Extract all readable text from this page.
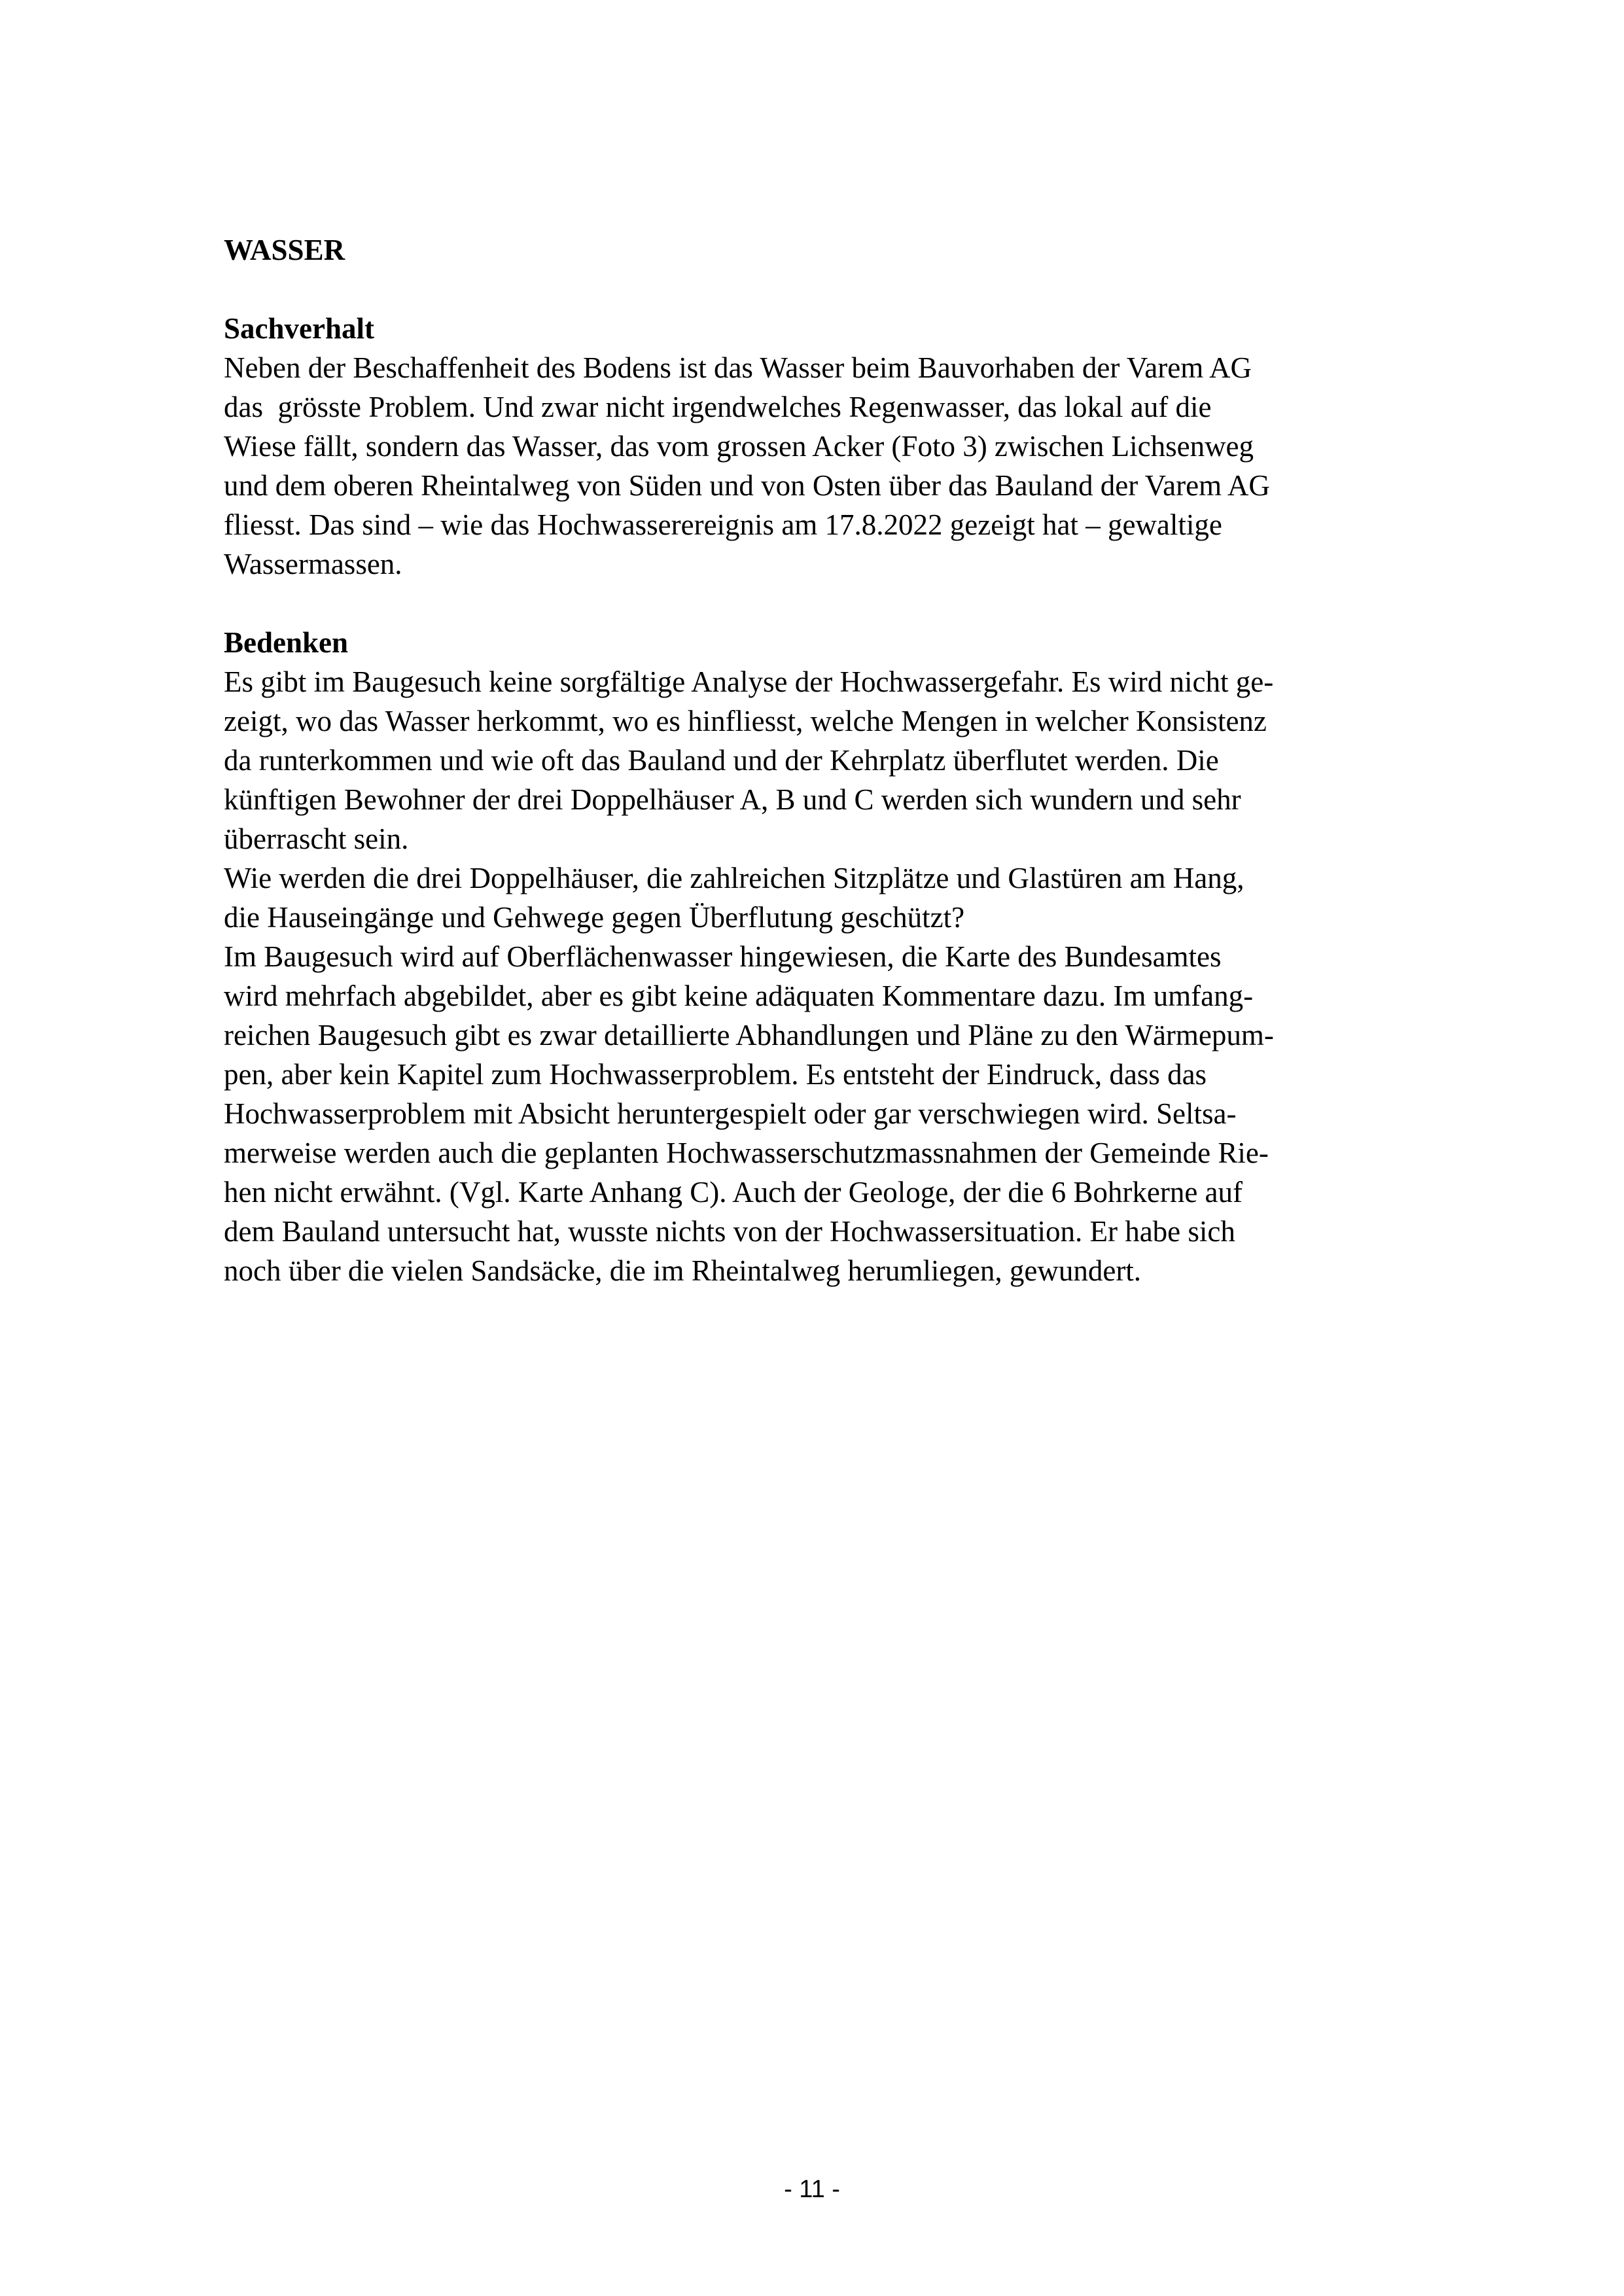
WASSER
Sachverhalt

Neben der Beschaffenheit des Bodens ist das Wasser beim Bauvorhaben der Varem AG

das  grösste Problem. Und zwar nicht irgendwelches Regenwasser, das lokal auf die

Wiese fällt, sondern das Wasser, das vom grossen Acker (Foto 3) zwischen Lichsenweg

und dem oberen Rheintalweg von Süden und von Osten über das Bauland der Varem AG

fliesst. Das sind – wie das Hochwasserereignis am 17.8.2022 gezeigt hat – gewaltige

Wassermassen.

Bedenken

Es gibt im Baugesuch keine sorgfältige Analyse der Hochwassergefahr. Es wird nicht ge-

zeigt, wo das Wasser herkommt, wo es hinfliesst, welche Mengen in welcher Konsistenz

da runterkommen und wie oft das Bauland und der Kehrplatz überflutet werden. Die

künftigen Bewohner der drei Doppelhäuser A, B und C werden sich wundern und sehr

überrascht sein.

Wie werden die drei Doppelhäuser, die zahlreichen Sitzplätze und Glastüren am Hang,

die Hauseingänge und Gehwege gegen Überflutung geschützt?

Im Baugesuch wird auf Oberflächenwasser hingewiesen, die Karte des Bundesamtes

wird mehrfach abgebildet, aber es gibt keine adäquaten Kommentare dazu. Im umfang-

reichen Baugesuch gibt es zwar detaillierte Abhandlungen und Pläne zu den Wärmepum-

pen, aber kein Kapitel zum Hochwasserproblem. Es entsteht der Eindruck, dass das

Hochwasserproblem mit Absicht heruntergespielt oder gar verschwiegen wird. Seltsa-

merweise werden auch die geplanten Hochwasserschutzmassnahmen der Gemeinde Rie-

hen nicht erwähnt. (Vgl. Karte Anhang C). Auch der Geologe, der die 6 Bohrkerne auf

dem Bauland untersucht hat, wusste nichts von der Hochwassersituation. Er habe sich

noch über die vielen Sandsäcke, die im Rheintalweg herumliegen, gewundert.

- 11 -
